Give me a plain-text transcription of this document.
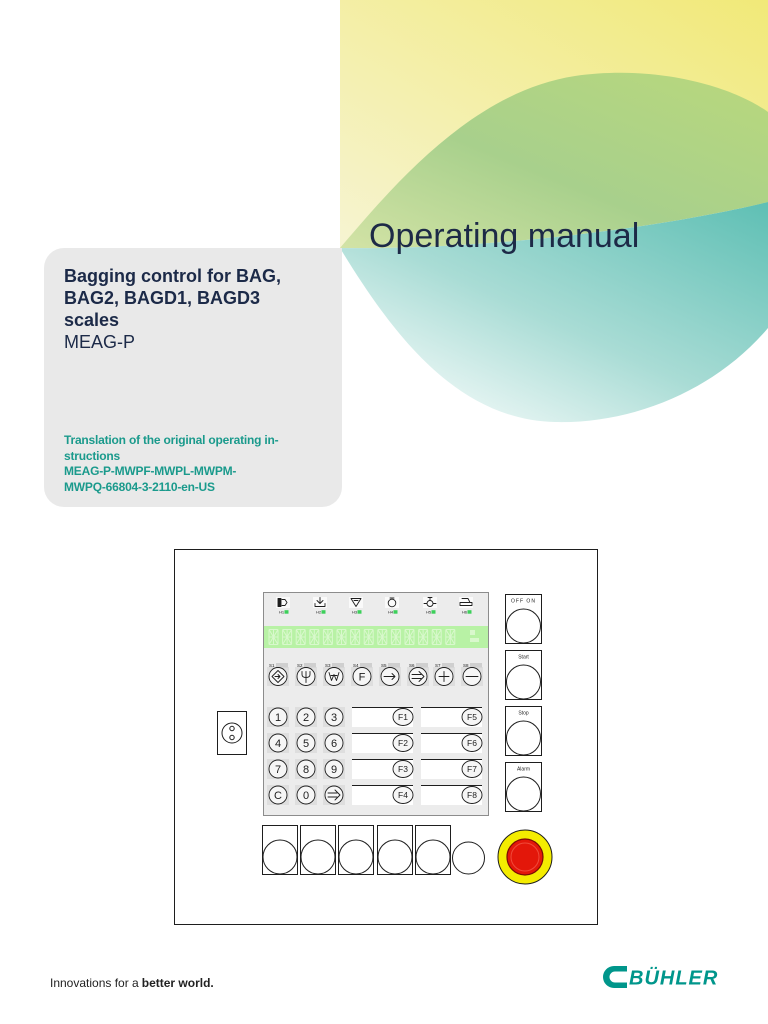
Operating manual
Bagging control for BAG,
BAG2, BAGD1, BAGD3
scales
MEAG-P
Translation of the original operating in-
structions
MEAG-P-MWPF-MWPL-MWPM-
MWPQ-66804-3-2110-en-US
H1	H2	H3	H4	H5	H6
S1	S2	S3	S4
F
S5	S6	S7	S8
1 2 3
4 5 6
7 8 9
C 0
F1
F2
F3
F4
F5
F6
F7
F8
OFF ON
Start
Stop
Alarm
Innovations for a better world.	BÜHLER
